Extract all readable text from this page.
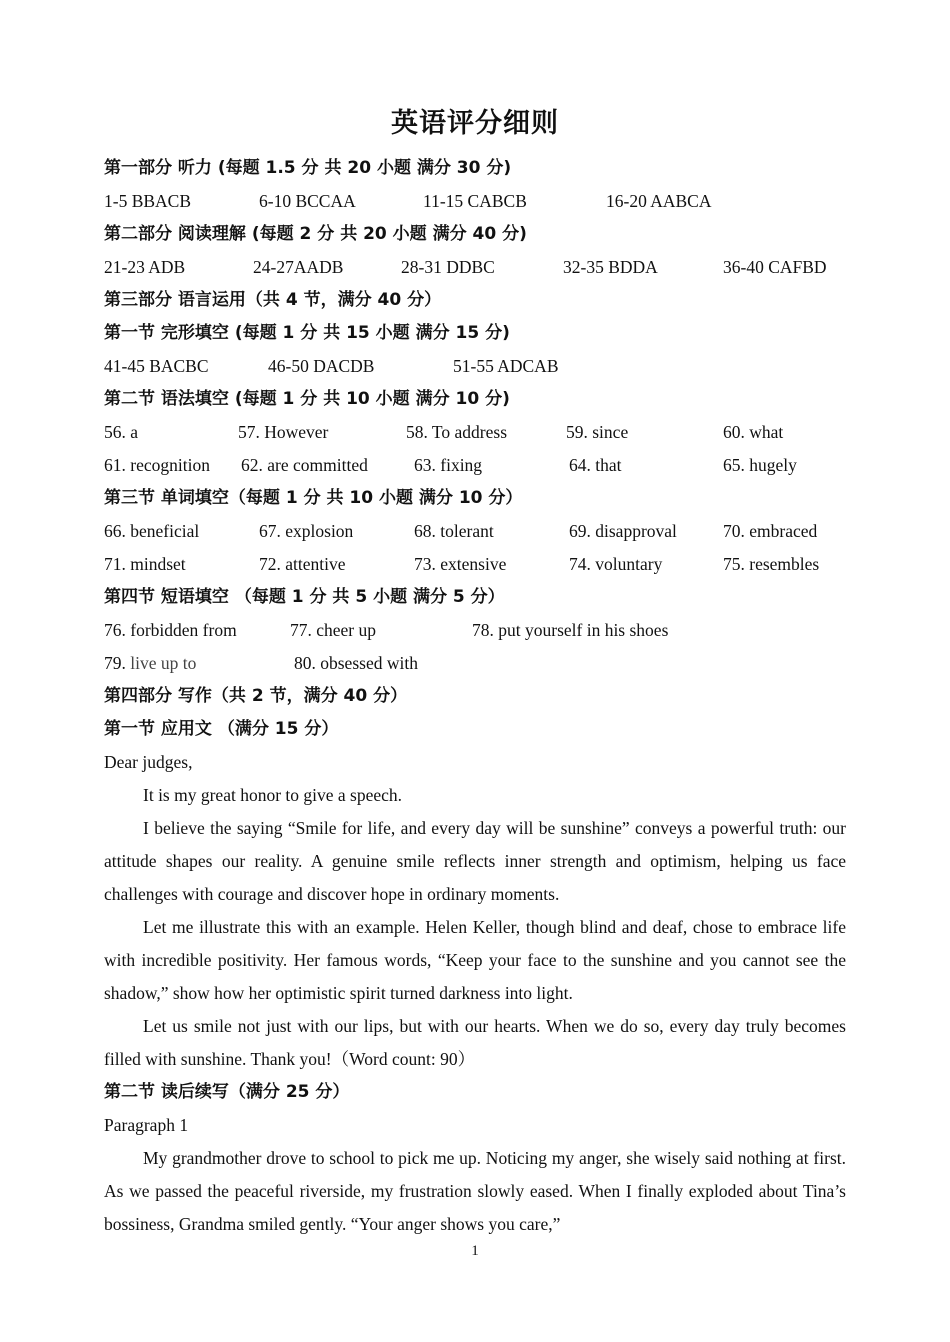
英语评分细则
第一部分 听力 (每题 1.5 分 共 20 小题 满分 30 分)
1-5 BBACB	6-10 BCCAA	11-15 CABCB	16-20 AABCA
第二部分 阅读理解 (每题 2 分 共 20 小题 满分 40 分)
21-23 ADB	24-27AADB	28-31 DDBC	32-35 BDDA	36-40 CAFBD
第三部分 语言运用（共 4 节，满分 40 分）
第一节 完形填空 (每题 1 分 共 15 小题 满分 15 分)
41-45 BACBC	46-50 DACDB	51-55 ADCAB
第二节 语法填空 (每题 1 分 共 10 小题 满分 10 分)
56. a	57. However	58. To address	59. since	60. what
61. recognition	62. are committed	63. fixing	64. that	65. hugely
第三节 单词填空（每题 1 分 共 10 小题 满分 10 分）
66. beneficial	67. explosion	68. tolerant	69. disapproval	70. embraced
71. mindset	72. attentive	73. extensive	74. voluntary	75. resembles
第四节 短语填空 （每题 1 分 共 5 小题 满分 5 分）
76. forbidden from	77. cheer up	78. put yourself in his shoes
79. live up to	80. obsessed with
第四部分 写作（共 2 节，满分 40 分）
第一节 应用文 （满分 15 分）

Dear judges,

It is my great honor to give a speech.

I believe the saying “Smile for life, and every day will be sunshine” conveys a powerful truth: our attitude shapes our reality. A genuine smile reflects inner strength and optimism, helping us face challenges with courage and discover hope in ordinary moments.

Let me illustrate this with an example. Helen Keller, though blind and deaf, chose to embrace life with incredible positivity. Her famous words, “Keep your face to the sunshine and you cannot see the shadow,” show how her optimistic spirit turned darkness into light.

Let us smile not just with our lips, but with our hearts. When we do so, every day truly becomes filled with sunshine. Thank you!（Word count: 90）

第二节 读后续写（满分 25 分）

Paragraph 1

My grandmother drove to school to pick me up. Noticing my anger, she wisely said nothing at first. As we passed the peaceful riverside, my frustration slowly eased. When I finally exploded about Tina’s bossiness, Grandma smiled gently. “Your anger shows you care,”

1
